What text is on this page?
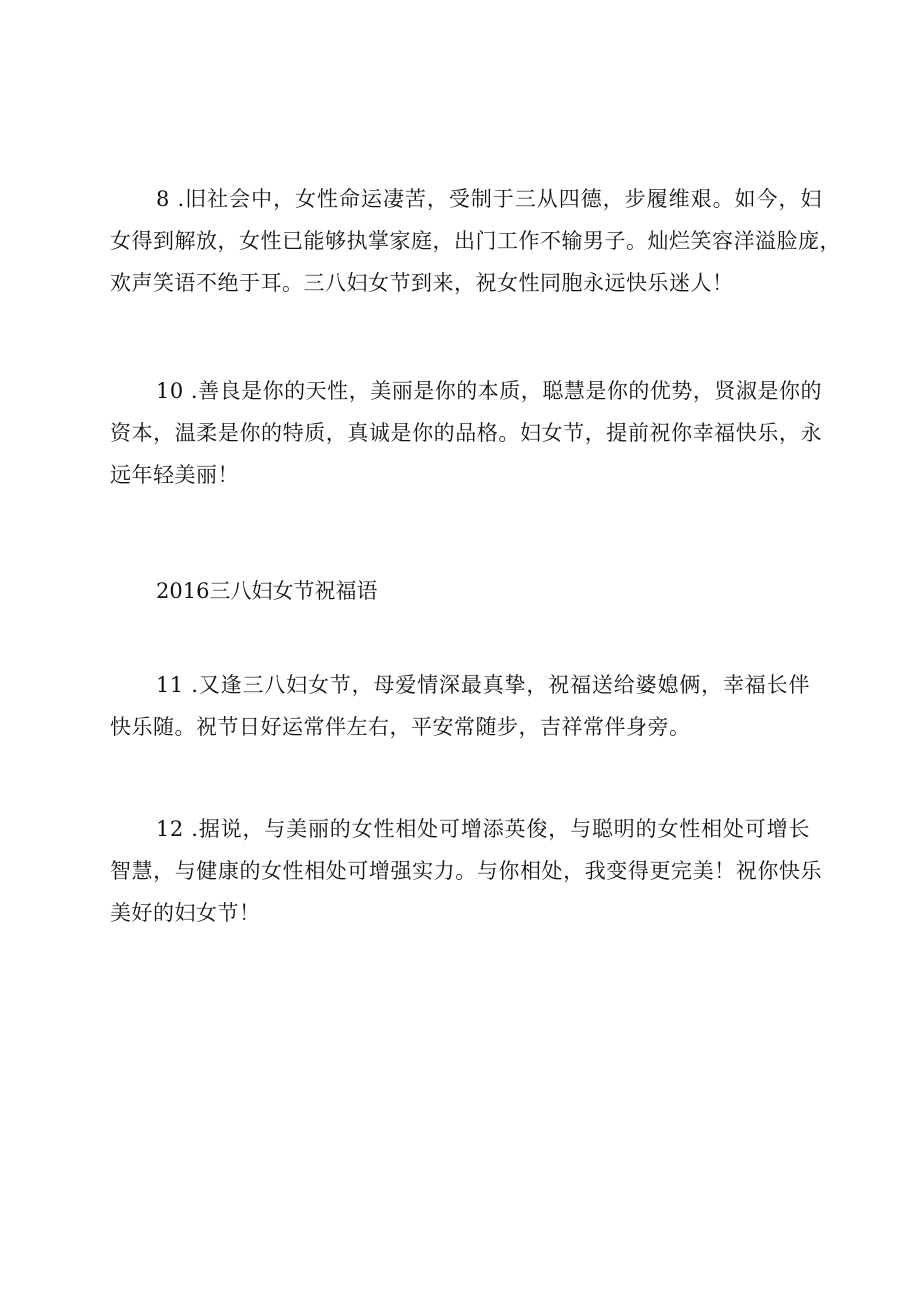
8 .旧社会中，女性命运凄苦，受制于三从四德，步履维艰。如今，妇
女得到解放，女性已能够执掌家庭，出门工作不输男子。灿烂笑容洋溢脸庞，
欢声笑语不绝于耳。三八妇女节到来，祝女性同胞永远快乐迷人！

10 .善良是你的天性，美丽是你的本质，聪慧是你的优势，贤淑是你的
资本，温柔是你的特质，真诚是你的品格。妇女节，提前祝你幸福快乐，永
远年轻美丽！

2016三八妇女节祝福语

11 .又逢三八妇女节，母爱情深最真挚，祝福送给婆媳俩，幸福长伴
快乐随。祝节日好运常伴左右，平安常随步，吉祥常伴身旁。

12 .据说，与美丽的女性相处可增添英俊，与聪明的女性相处可增长
智慧，与健康的女性相处可增强实力。与你相处，我变得更完美！祝你快乐
美好的妇女节！
